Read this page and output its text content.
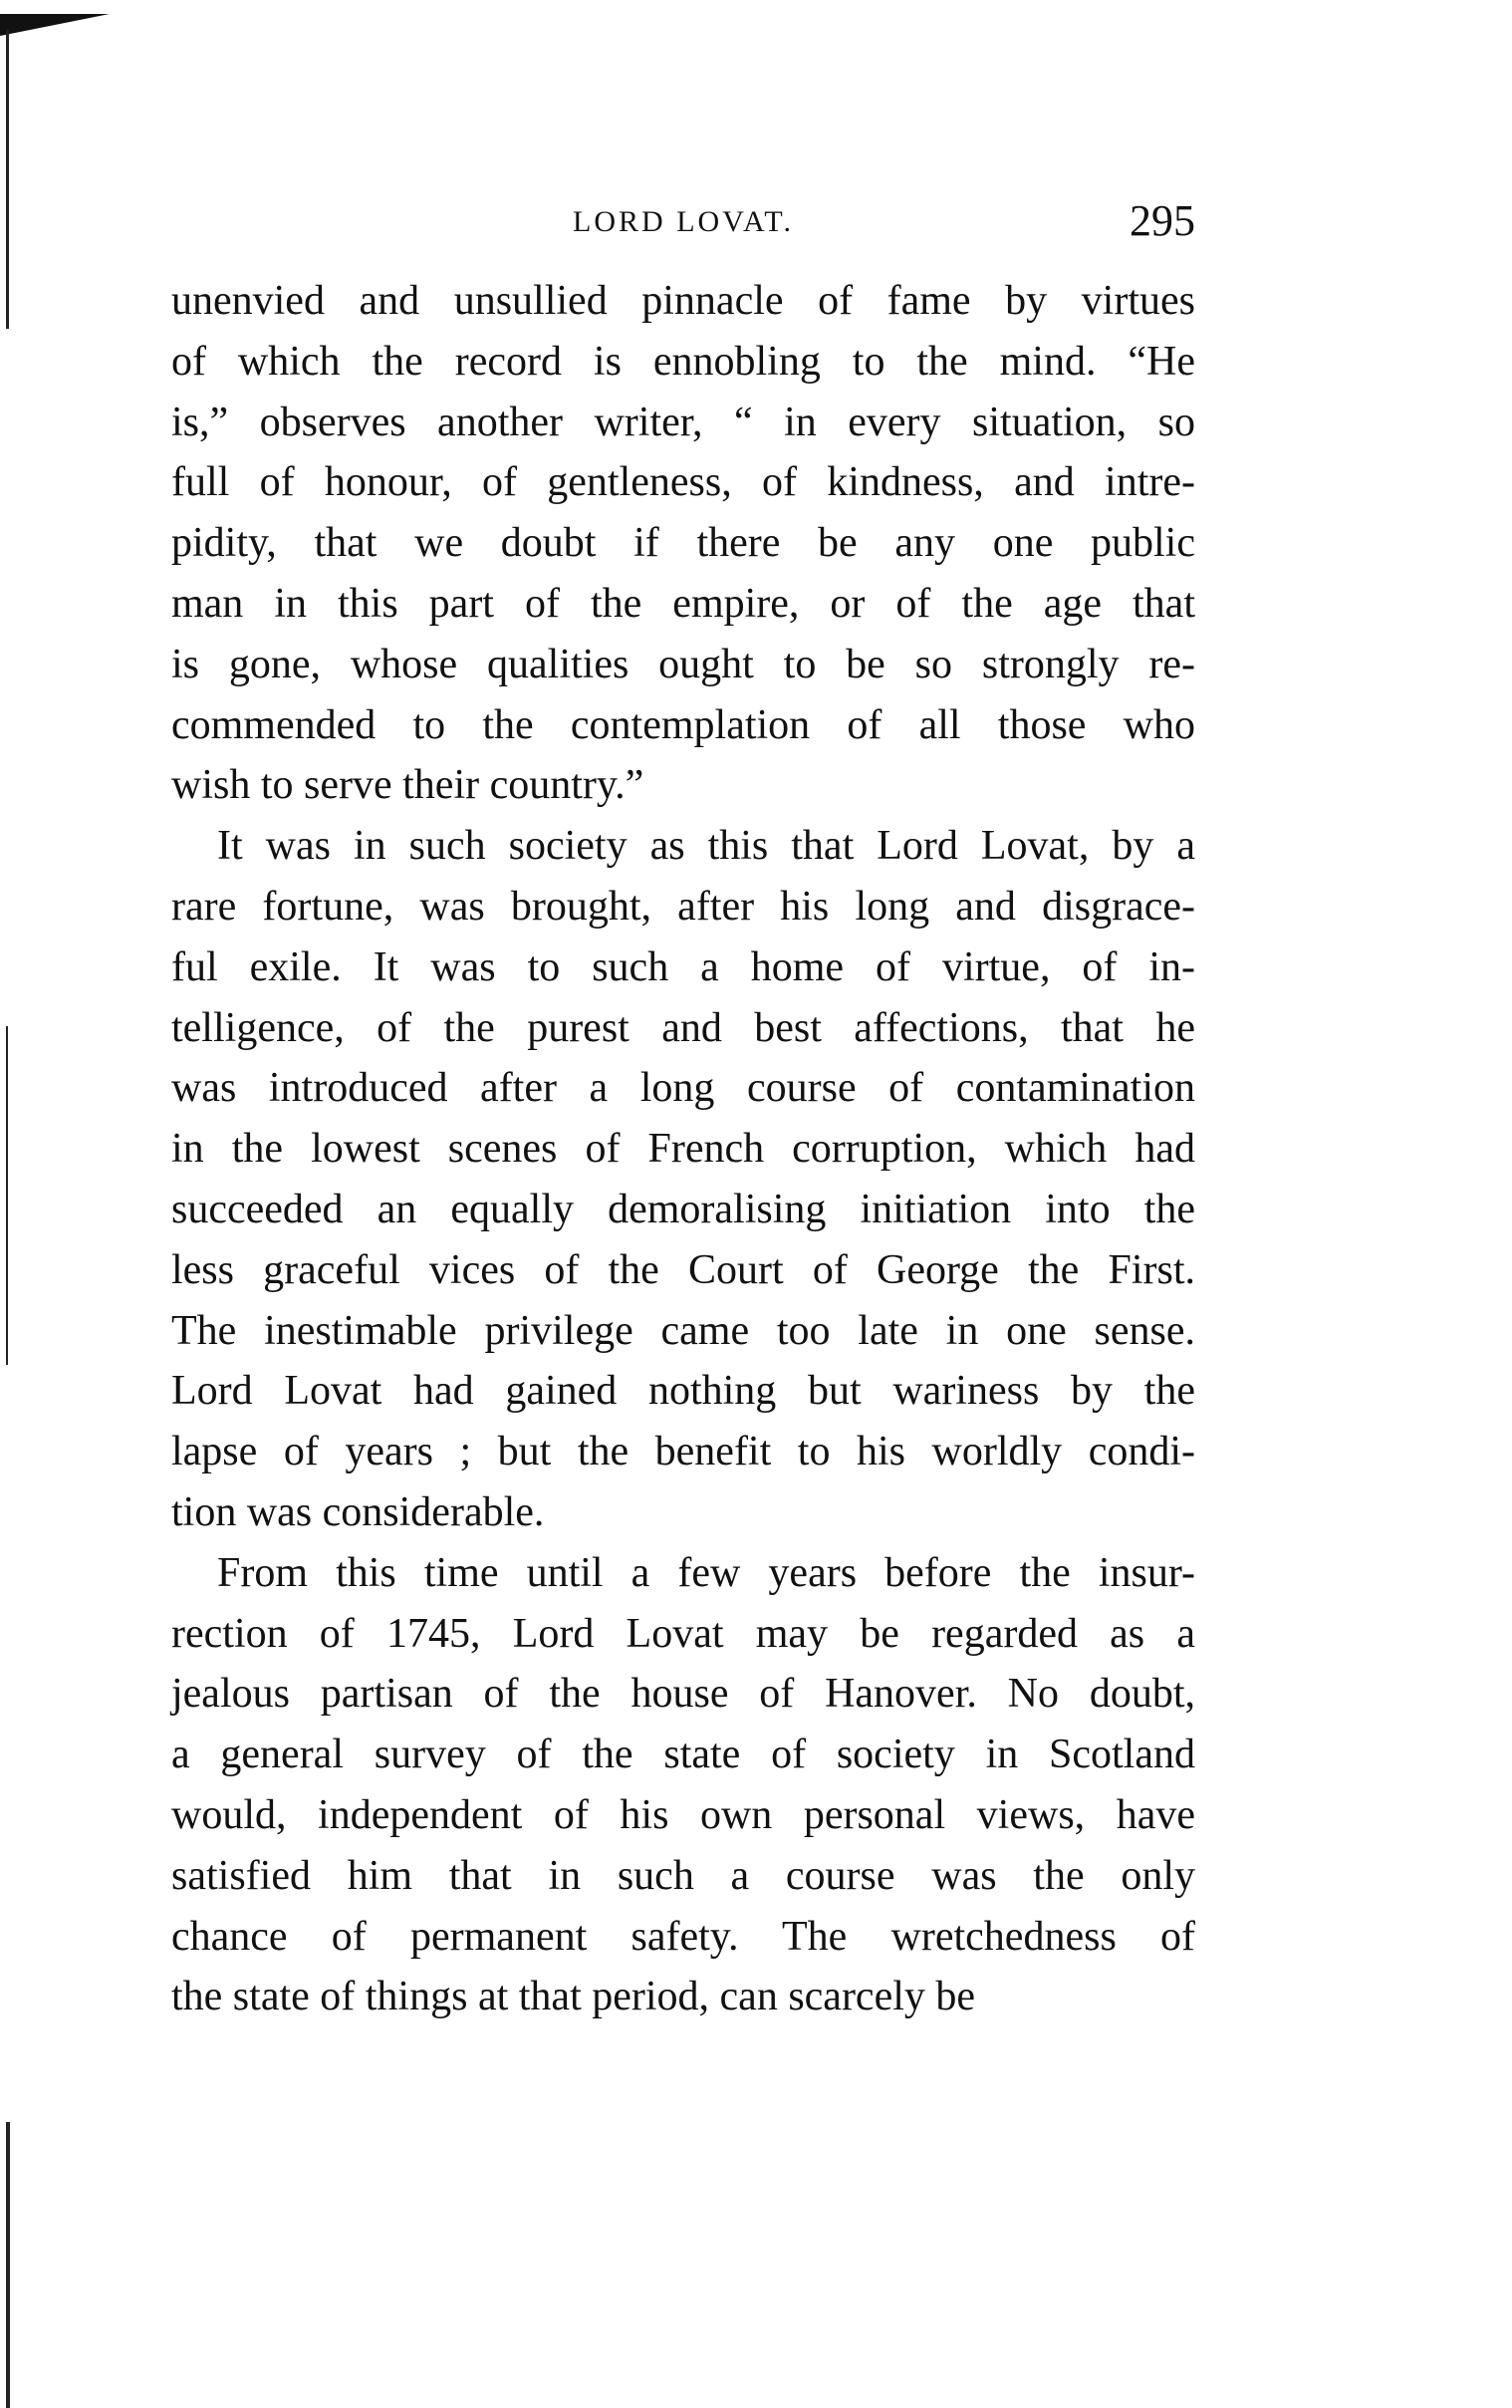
LORD LOVAT.	295
unenvied and unsullied pinnacle of fame by virtues
of which the record is ennobling to the mind. “He
is,” observes another writer, “ in every situation, so
full of honour, of gentleness, of kindness, and intre-
pidity, that we doubt if there be any one public
man in this part of the empire, or of the age that
is gone, whose qualities ought to be so strongly re-
commended to the contemplation of all those who
wish to serve their country.”
It was in such society as this that Lord Lovat, by a
rare fortune, was brought, after his long and disgrace-
ful exile. It was to such a home of virtue, of in-
telligence, of the purest and best affections, that he
was introduced after a long course of contamination
in the lowest scenes of French corruption, which had
succeeded an equally demoralising initiation into the
less graceful vices of the Court of George the First.
The inestimable privilege came too late in one sense.
Lord Lovat had gained nothing but wariness by the
lapse of years ; but the benefit to his worldly condi-
tion was considerable.
From this time until a few years before the insur-
rection of 1745, Lord Lovat may be regarded as a
jealous partisan of the house of Hanover. No doubt,
a general survey of the state of society in Scotland
would, independent of his own personal views, have
satisfied him that in such a course was the only
chance of permanent safety. The wretchedness of
the state of things at that period, can scarcely be
